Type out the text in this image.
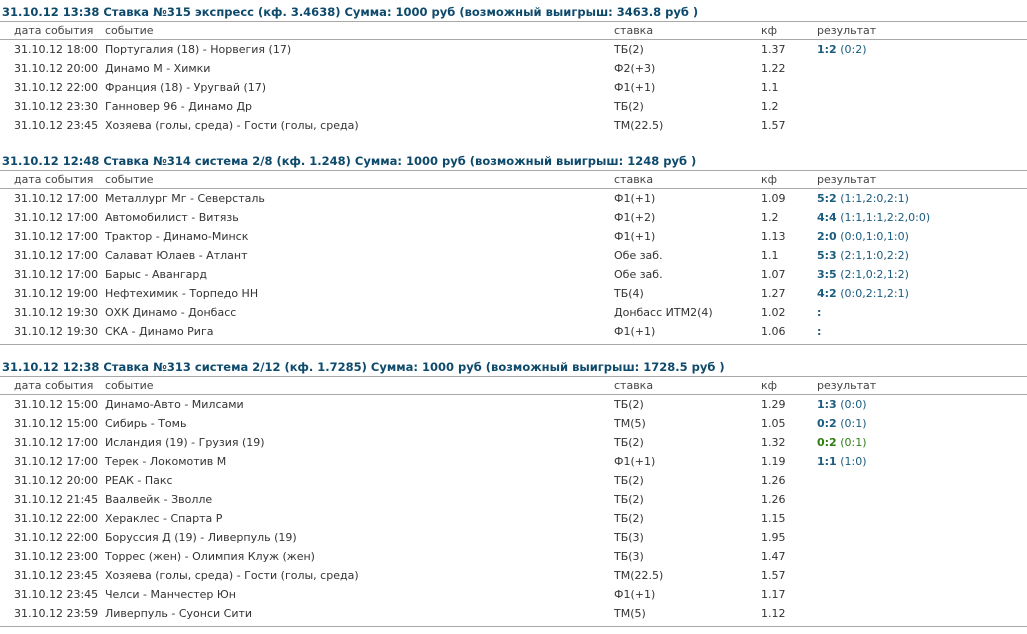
31.10.12 13:38 Ставка №315 экспресс (кф. 3.4638) Сумма: 1000 руб (возможный выигрыш: 3463.8 руб )
дата события событие	ставка	кф	результат
31.10.12 18:00 Португалия (18) - Норвегия (17)	ТБ(2)	1.37	1:2 (0:2)
31.10.12 20:00 Динамо М - Химки	Ф2(+3)	1.22
31.10.12 22:00 Франция (18) - Уругвай (17)	Ф1(+1)	1.1
31.10.12 23:30 Ганновер 96 - Динамо Др	ТБ(2)	1.2
31.10.12 23:45 Хозяева (голы, среда) - Гости (голы, среда)	ТМ(22.5)	1.57
31.10.12 12:48 Ставка №314 система 2/8 (кф. 1.248) Сумма: 1000 руб (возможный выигрыш: 1248 руб )
дата события событие	ставка	кф	результат
31.10.12 17:00 Металлург Мг - Северсталь	Ф1(+1)	1.09	5:2 (1:1,2:0,2:1)
31.10.12 17:00 Автомобилист - Витязь	Ф1(+2)	1.2	4:4 (1:1,1:1,2:2,0:0)
31.10.12 17:00 Трактор - Динамо-Минск	Ф1(+1)	1.13	2:0 (0:0,1:0,1:0)
31.10.12 17:00 Салават Юлаев - Атлант	Обе заб.	1.1	5:3 (2:1,1:0,2:2)
31.10.12 17:00 Барыс - Авангард	Обе заб.	1.07	3:5 (2:1,0:2,1:2)
31.10.12 19:00 Нефтехимик - Торпедо НН	ТБ(4)	1.27	4:2 (0:0,2:1,2:1)
31.10.12 19:30 ОХК Динамо - Донбасс	Донбасс ИТМ2(4)	1.02	:
31.10.12 19:30 СКА - Динамо Рига	Ф1(+1)	1.06	:
31.10.12 12:38 Ставка №313 система 2/12 (кф. 1.7285) Сумма: 1000 руб (возможный выигрыш: 1728.5 руб )
дата события событие	ставка	кф	результат
31.10.12 15:00 Динамо-Авто - Милсами	ТБ(2)	1.29	1:3 (0:0)
31.10.12 15:00 Сибирь - Томь	ТМ(5)	1.05	0:2 (0:1)
31.10.12 17:00 Исландия (19) - Грузия (19)	ТБ(2)	1.32	0:2 (0:1)
31.10.12 17:00 Терек - Локомотив М	Ф1(+1)	1.19	1:1 (1:0)
31.10.12 20:00 РЕАК - Пакс	ТБ(2)	1.26
31.10.12 21:45 Ваалвейк - Зволле	ТБ(2)	1.26
31.10.12 22:00 Хераклес - Спарта Р	ТБ(2)	1.15
31.10.12 22:00 Боруссия Д (19) - Ливерпуль (19)	ТБ(3)	1.95
31.10.12 23:00 Торрес (жен) - Олимпия Клуж (жен)	ТБ(3)	1.47
31.10.12 23:45 Хозяева (голы, среда) - Гости (голы, среда)	ТМ(22.5)	1.57
31.10.12 23:45 Челси - Манчестер Юн	Ф1(+1)	1.17
31.10.12 23:59 Ливерпуль - Суонси Сити	ТМ(5)	1.12
